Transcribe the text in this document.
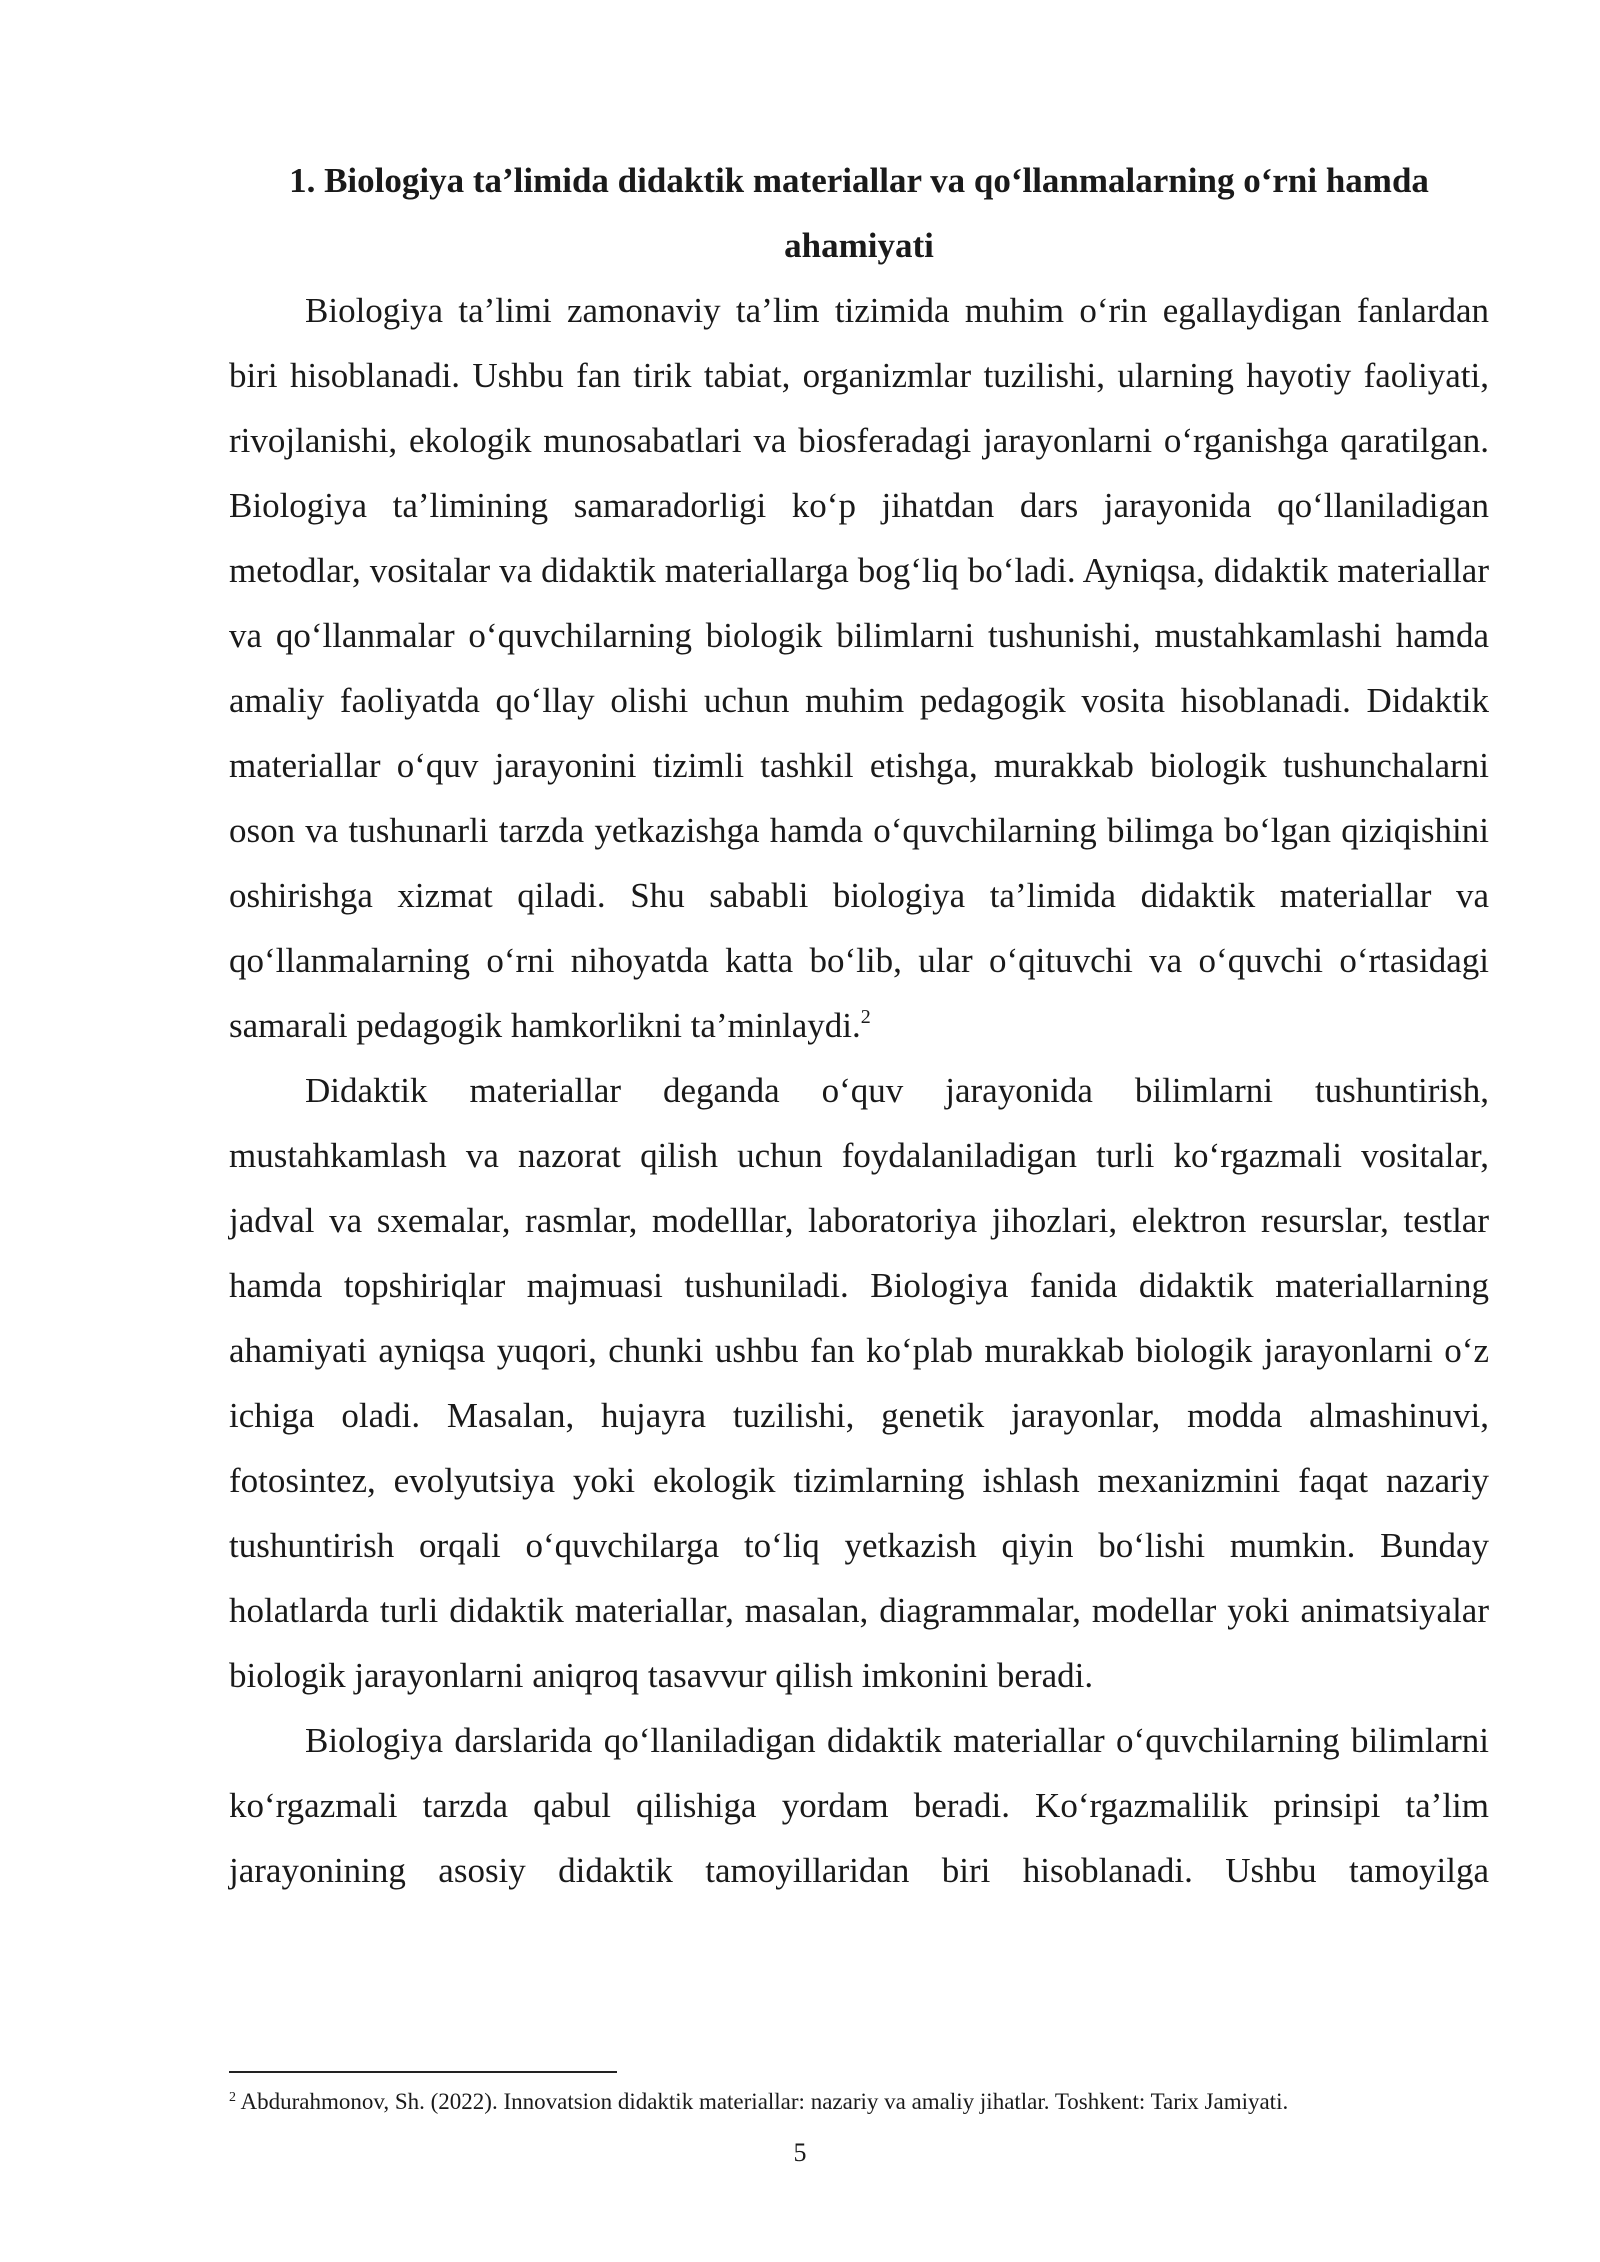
1. Biologiya ta’limida didaktik materiallar va qo‘llanmalarning o‘rni hamda ahamiyati

Biologiya ta’limi zamonaviy ta’lim tizimida muhim o‘rin egallaydigan fanlardan biri hisoblanadi. Ushbu fan tirik tabiat, organizmlar tuzilishi, ularning hayotiy faoliyati, rivojlanishi, ekologik munosabatlari va biosferadagi jarayonlarni o‘rganishga qaratilgan. Biologiya ta’limining samaradorligi ko‘p jihatdan dars jarayonida qo‘llaniladigan metodlar, vositalar va didaktik materiallarga bog‘liq bo‘ladi. Ayniqsa, didaktik materiallar va qo‘llanmalar o‘quvchilarning biologik bilimlarni tushunishi, mustahkamlashi hamda amaliy faoliyatda qo‘llay olishi uchun muhim pedagogik vosita hisoblanadi. Didaktik materiallar o‘quv jarayonini tizimli tashkil etishga, murakkab biologik tushunchalarni oson va tushunarli tarzda yetkazishga hamda o‘quvchilarning bilimga bo‘lgan qiziqishini oshirishga xizmat qiladi. Shu sababli biologiya ta’limida didaktik materiallar va qo‘llanmalarning o‘rni nihoyatda katta bo‘lib, ular o‘qituvchi va o‘quvchi o‘rtasidagi samarali pedagogik hamkorlikni ta’minlaydi.$^2$

Didaktik materiallar deganda o‘quv jarayonida bilimlarni tushuntirish, mustahkamlash va nazorat qilish uchun foydalaniladigan turli ko‘rgazmali vositalar, jadval va sxemalar, rasmlar, modelllar, laboratoriya jihozlari, elektron resurslar, testlar hamda topshiriqlar majmuasi tushuniladi. Biologiya fanida didaktik materiallarning ahamiyati ayniqsa yuqori, chunki ushbu fan ko‘plab murakkab biologik jarayonlarni o‘z ichiga oladi. Masalan, hujayra tuzilishi, genetik jarayonlar, modda almashinuvi, fotosintez, evolyutsiya yoki ekologik tizimlarning ishlash mexanizmini faqat nazariy tushuntirish orqali o‘quvchilarga to‘liq yetkazish qiyin bo‘lishi mumkin. Bunday holatlarda turli didaktik materiallar, masalan, diagrammalar, modellar yoki animatsiyalar biologik jarayonlarni aniqroq tasavvur qilish imkonini beradi.

Biologiya darslarida qo‘llaniladigan didaktik materiallar o‘quvchilarning bilimlarni ko‘rgazmali tarzda qabul qilishiga yordam beradi. Ko‘rgazmalilik prinsipi ta’lim jarayonining asosiy didaktik tamoyillaridan biri hisoblanadi. Ushbu tamoyilga

$^2$ Abdurahmonov, Sh. (2022). Innovatsion didaktik materiallar: nazariy va amaliy jihatlar. Toshkent: Tarix Jamiyati.
5
